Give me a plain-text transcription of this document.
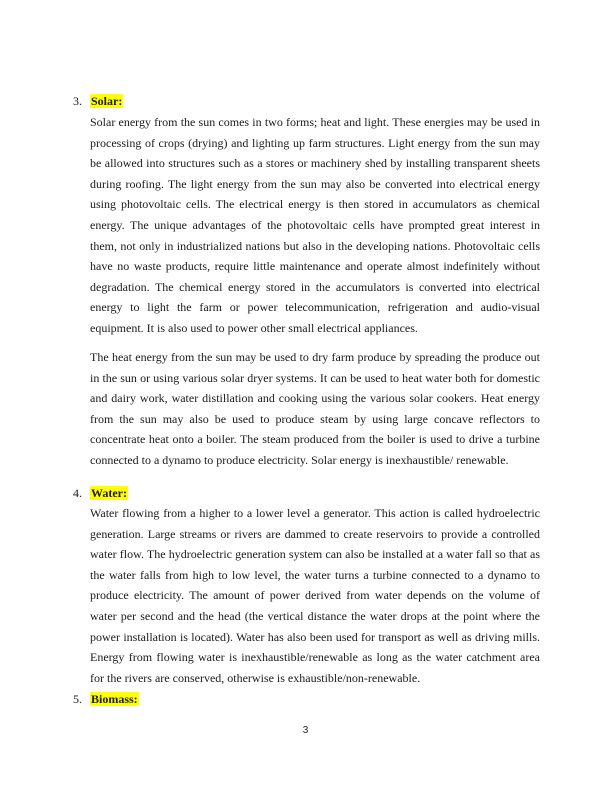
3. Solar:
Solar energy from the sun comes in two forms; heat and light. These energies may be used in
processing of crops (drying) and lighting up farm structures. Light energy from the sun may
be allowed into structures such as a stores or machinery shed by installing transparent sheets
during roofing. The light energy from the sun may also be converted into electrical energy
using photovoltaic cells. The electrical energy is then stored in accumulators as chemical
energy. The unique advantages of the photovoltaic cells have prompted great interest in
them, not only in industrialized nations but also in the developing nations. Photovoltaic cells
have no waste products, require little maintenance and operate almost indefinitely without
degradation. The chemical energy stored in the accumulators is converted into electrical
energy to light the farm or power telecommunication, refrigeration and audio-visual
equipment. It is also used to power other small electrical appliances.
The heat energy from the sun may be used to dry farm produce by spreading the produce out
in the sun or using various solar dryer systems. It can be used to heat water both for domestic
and dairy work, water distillation and cooking using the various solar cookers. Heat energy
from the sun may also be used to produce steam by using large concave reflectors to
concentrate heat onto a boiler. The steam produced from the boiler is used to drive a turbine
connected to a dynamo to produce electricity. Solar energy is inexhaustible/ renewable.
4. Water:
Water flowing from a higher to a lower level a generator. This action is called hydroelectric
generation. Large streams or rivers are dammed to create reservoirs to provide a controlled
water flow. The hydroelectric generation system can also be installed at a water fall so that as
the water falls from high to low level, the water turns a turbine connected to a dynamo to
produce electricity. The amount of power derived from water depends on the volume of
water per second and the head (the vertical distance the water drops at the point where the
power installation is located). Water has also been used for transport as well as driving mills.
Energy from flowing water is inexhaustible/renewable as long as the water catchment area
for the rivers are conserved, otherwise is exhaustible/non-renewable.
5. Biomass:
3
